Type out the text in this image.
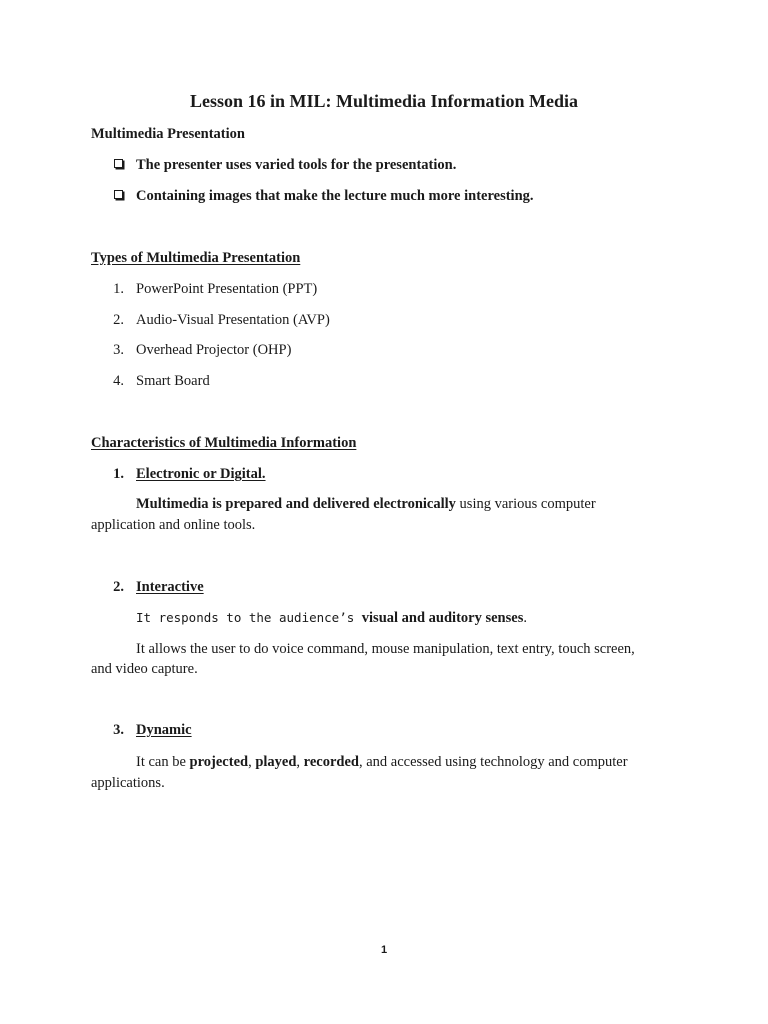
Lesson 16 in MIL: Multimedia Information Media
Multimedia Presentation
The presenter uses varied tools for the presentation.
Containing images that make the lecture much more interesting.
Types of Multimedia Presentation
1. PowerPoint Presentation (PPT)
2. Audio-Visual Presentation (AVP)
3. Overhead Projector (OHP)
4. Smart Board
Characteristics of Multimedia Information
1. Electronic or Digital.
Multimedia is prepared and delivered electronically using various computer
application and online tools.
2. Interactive
It responds to the audience’s visual and auditory senses.
It allows the user to do voice command, mouse manipulation, text entry, touch screen,
and video capture.
3. Dynamic
It can be projected, played, recorded, and accessed using technology and computer
applications.
1
